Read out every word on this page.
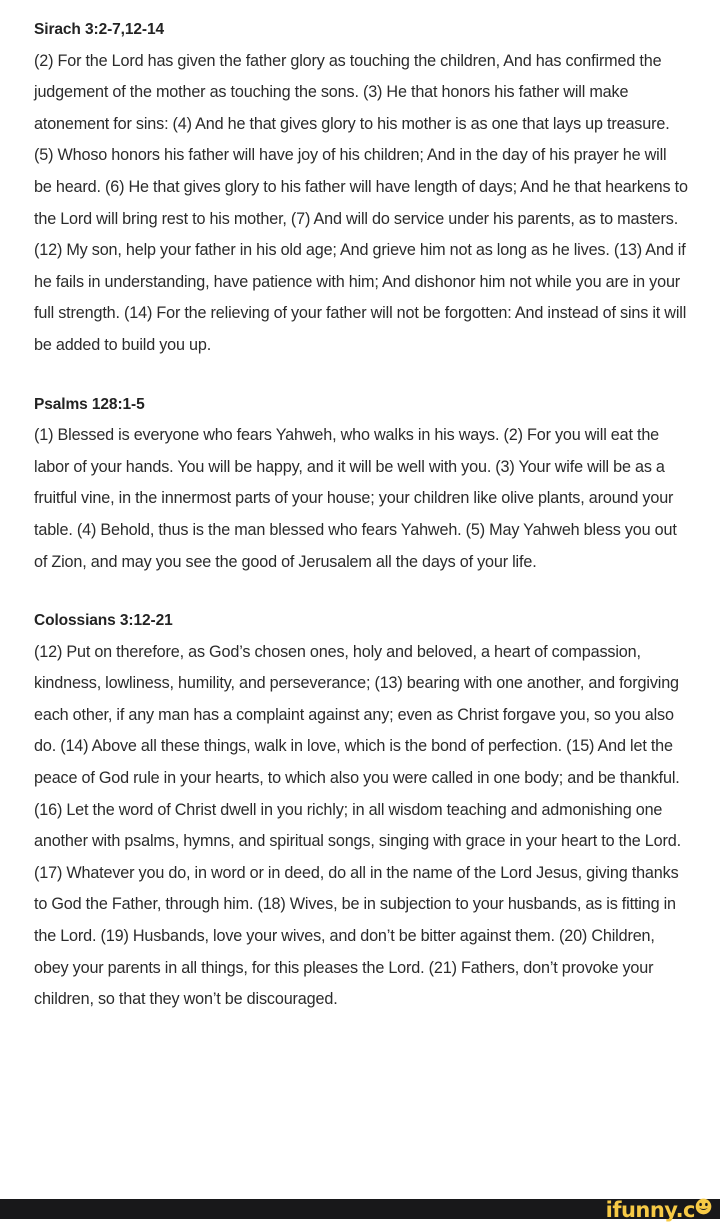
Sirach 3:2-7,12-14
(2) For the Lord has given the father glory as touching the children, And has confirmed the judgement of the mother as touching the sons. (3) He that honors his father will make atonement for sins: (4) And he that gives glory to his mother is as one that lays up treasure. (5) Whoso honors his father will have joy of his children; And in the day of his prayer he will be heard. (6) He that gives glory to his father will have length of days; And he that hearkens to the Lord will bring rest to his mother, (7) And will do service under his parents, as to masters. (12) My son, help your father in his old age; And grieve him not as long as he lives. (13) And if he fails in understanding, have patience with him; And dishonor him not while you are in your full strength. (14) For the relieving of your father will not be forgotten: And instead of sins it will be added to build you up.
Psalms 128:1-5
(1) Blessed is everyone who fears Yahweh, who walks in his ways. (2) For you will eat the labor of your hands. You will be happy, and it will be well with you. (3) Your wife will be as a fruitful vine, in the innermost parts of your house; your children like olive plants, around your table. (4) Behold, thus is the man blessed who fears Yahweh. (5) May Yahweh bless you out of Zion, and may you see the good of Jerusalem all the days of your life.
Colossians 3:12-21
(12) Put on therefore, as God’s chosen ones, holy and beloved, a heart of compassion, kindness, lowliness, humility, and perseverance; (13) bearing with one another, and forgiving each other, if any man has a complaint against any; even as Christ forgave you, so you also do. (14) Above all these things, walk in love, which is the bond of perfection. (15) And let the peace of God rule in your hearts, to which also you were called in one body; and be thankful. (16) Let the word of Christ dwell in you richly; in all wisdom teaching and admonishing one another with psalms, hymns, and spiritual songs, singing with grace in your heart to the Lord. (17) Whatever you do, in word or in deed, do all in the name of the Lord Jesus, giving thanks to God the Father, through him. (18) Wives, be in subjection to your husbands, as is fitting in the Lord. (19) Husbands, love your wives, and don’t be bitter against them. (20) Children, obey your parents in all things, for this pleases the Lord. (21) Fathers, don’t provoke your children, so that they won’t be discouraged.
ifunny.c
